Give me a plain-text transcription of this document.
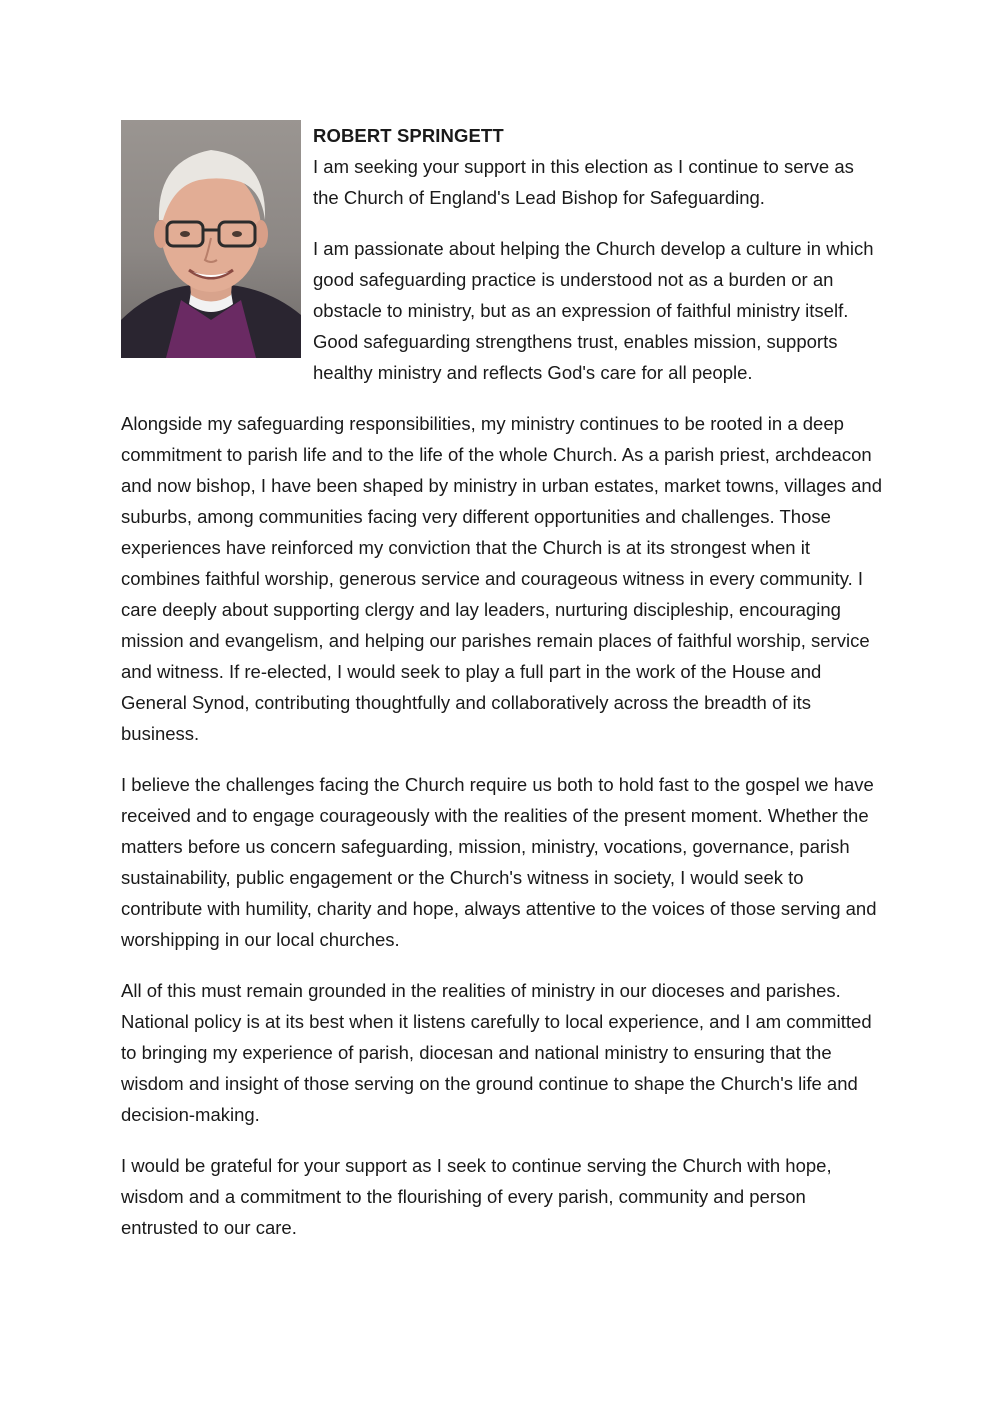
ROBERT SPRINGETT

I am seeking your support in this election as I continue to serve as the Church of England's Lead Bishop for Safeguarding.

I am passionate about helping the Church develop a culture in which good safeguarding practice is understood not as a burden or an obstacle to ministry, but as an expression of faithful ministry itself. Good safeguarding strengthens trust, enables mission, supports healthy ministry and reflects God's care for all people.

Alongside my safeguarding responsibilities, my ministry continues to be rooted in a deep commitment to parish life and to the life of the whole Church. As a parish priest, archdeacon and now bishop, I have been shaped by ministry in urban estates, market towns, villages and suburbs, among communities facing very different opportunities and challenges. Those experiences have reinforced my conviction that the Church is at its strongest when it combines faithful worship, generous service and courageous witness in every community. I care deeply about supporting clergy and lay leaders, nurturing discipleship, encouraging mission and evangelism, and helping our parishes remain places of faithful worship, service and witness. If re-elected, I would seek to play a full part in the work of the House and General Synod, contributing thoughtfully and collaboratively across the breadth of its business.

I believe the challenges facing the Church require us both to hold fast to the gospel we have received and to engage courageously with the realities of the present moment. Whether the matters before us concern safeguarding, mission, ministry, vocations, governance, parish sustainability, public engagement or the Church's witness in society, I would seek to contribute with humility, charity and hope, always attentive to the voices of those serving and worshipping in our local churches.

All of this must remain grounded in the realities of ministry in our dioceses and parishes. National policy is at its best when it listens carefully to local experience, and I am committed to bringing my experience of parish, diocesan and national ministry to ensuring that the wisdom and insight of those serving on the ground continue to shape the Church's life and decision-making.

I would be grateful for your support as I seek to continue serving the Church with hope, wisdom and a commitment to the flourishing of every parish, community and person entrusted to our care.
